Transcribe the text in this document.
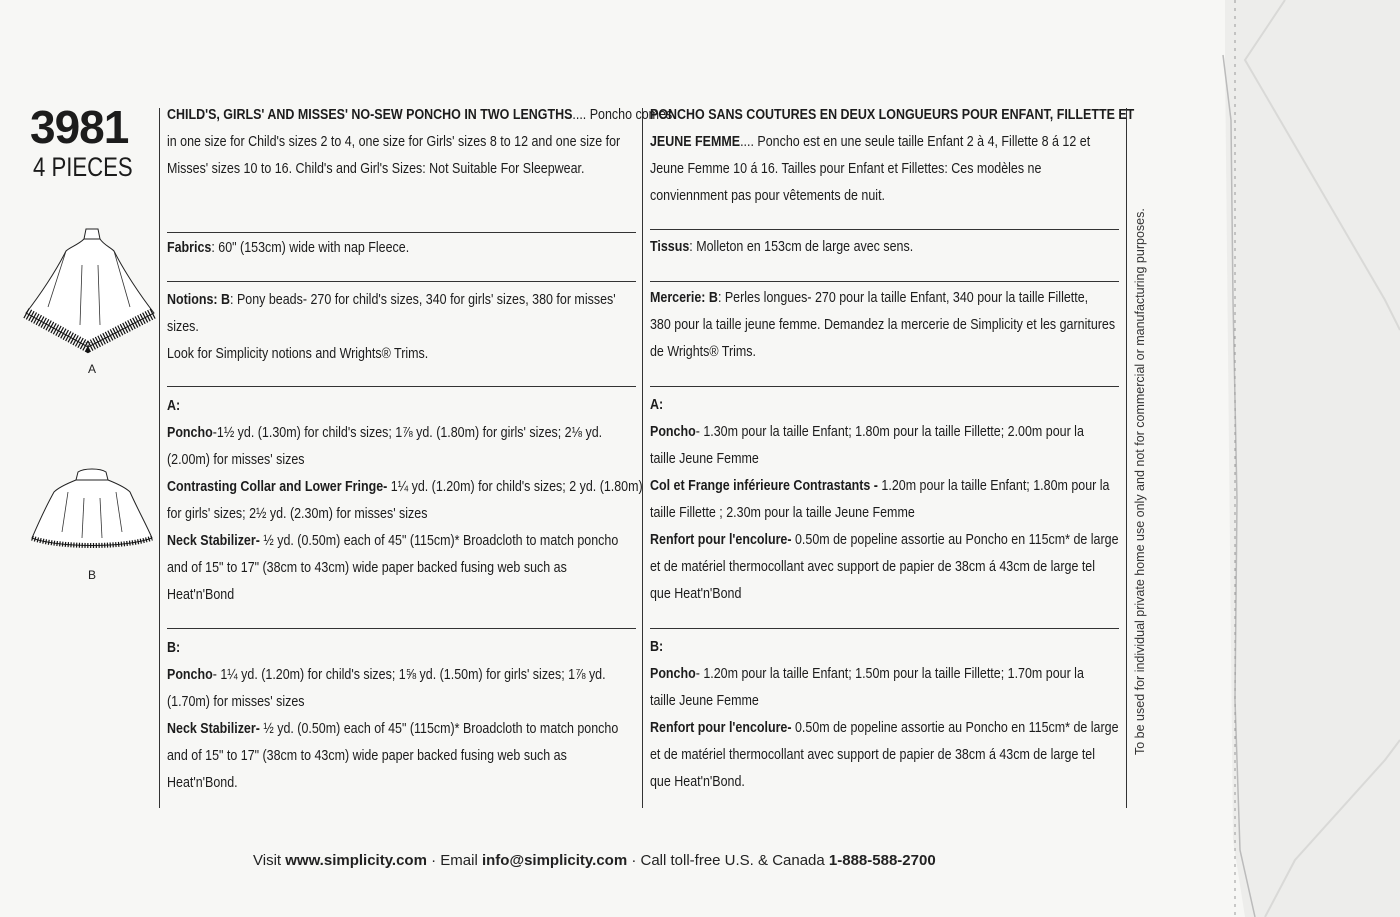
3981
4 PIECES
A
B

CHILD'S, GIRLS' AND MISSES' NO-SEW PONCHO IN TWO LENGTHS.... Poncho comes

in one size for Child's sizes 2 to 4, one size for Girls' sizes 8 to 12 and one size for

Misses' sizes 10 to 16. Child's and Girl's Sizes: Not Suitable For Sleepwear.

Fabrics: 60" (153cm) wide with nap Fleece.

Notions: B: Pony beads- 270 for child's sizes, 340 for girls' sizes, 380 for misses'

sizes.

Look for Simplicity notions and Wrights® Trims.

A:

Poncho-1½ yd. (1.30m) for child's sizes; 1⅞ yd. (1.80m) for girls' sizes; 2⅛ yd.

(2.00m) for misses' sizes

Contrasting Collar and Lower Fringe- 1¼ yd. (1.20m) for child's sizes; 2 yd. (1.80m)

for girls' sizes; 2½ yd. (2.30m) for misses' sizes

Neck Stabilizer- ½ yd. (0.50m) each of 45" (115cm)* Broadcloth to match poncho

and of 15" to 17" (38cm to 43cm) wide paper backed fusing web such as

Heat'n'Bond

B:

Poncho- 1¼ yd. (1.20m) for child's sizes; 1⅝ yd. (1.50m) for girls' sizes; 1⅞ yd.

(1.70m) for misses' sizes

Neck Stabilizer- ½ yd. (0.50m) each of 45" (115cm)* Broadcloth to match poncho

and of 15" to 17" (38cm to 43cm) wide paper backed fusing web such as

Heat'n'Bond.

PONCHO SANS COUTURES EN DEUX LONGUEURS POUR ENFANT, FILLETTE ET

JEUNE FEMME.... Poncho est en une seule taille Enfant 2 à 4, Fillette 8 á 12 et

Jeune Femme 10 á 16. Tailles pour Enfant et Fillettes: Ces modèles ne

conviennment pas pour vêtements de nuit.

Tissus: Molleton en 153cm de large avec sens.

Mercerie: B: Perles longues- 270 pour la taille Enfant, 340 pour la taille Fillette,

380 pour la taille jeune femme. Demandez la mercerie de Simplicity et les garnitures

de Wrights® Trims.

A:

Poncho- 1.30m pour la taille Enfant; 1.80m pour la taille Fillette; 2.00m pour la

taille Jeune Femme

Col et Frange inférieure Contrastants - 1.20m pour la taille Enfant; 1.80m pour la

taille Fillette ; 2.30m pour la taille Jeune Femme

Renfort pour l'encolure- 0.50m de popeline assortie au Poncho en 115cm* de large

et de matériel thermocollant avec support de papier de 38cm á 43cm de large tel

que Heat'n'Bond

B:

Poncho- 1.20m pour la taille Enfant; 1.50m pour la taille Fillette; 1.70m pour la

taille Jeune Femme

Renfort pour l'encolure- 0.50m de popeline assortie au Poncho en 115cm* de large

et de matériel thermocollant avec support de papier de 38cm á 43cm de large tel

que Heat'n'Bond.

To be used for individual private home use only and not for commercial or manufacturing purposes.
Visit www.simplicity.com · Email info@simplicity.com · Call toll-free U.S. & Canada 1-888-588-2700
